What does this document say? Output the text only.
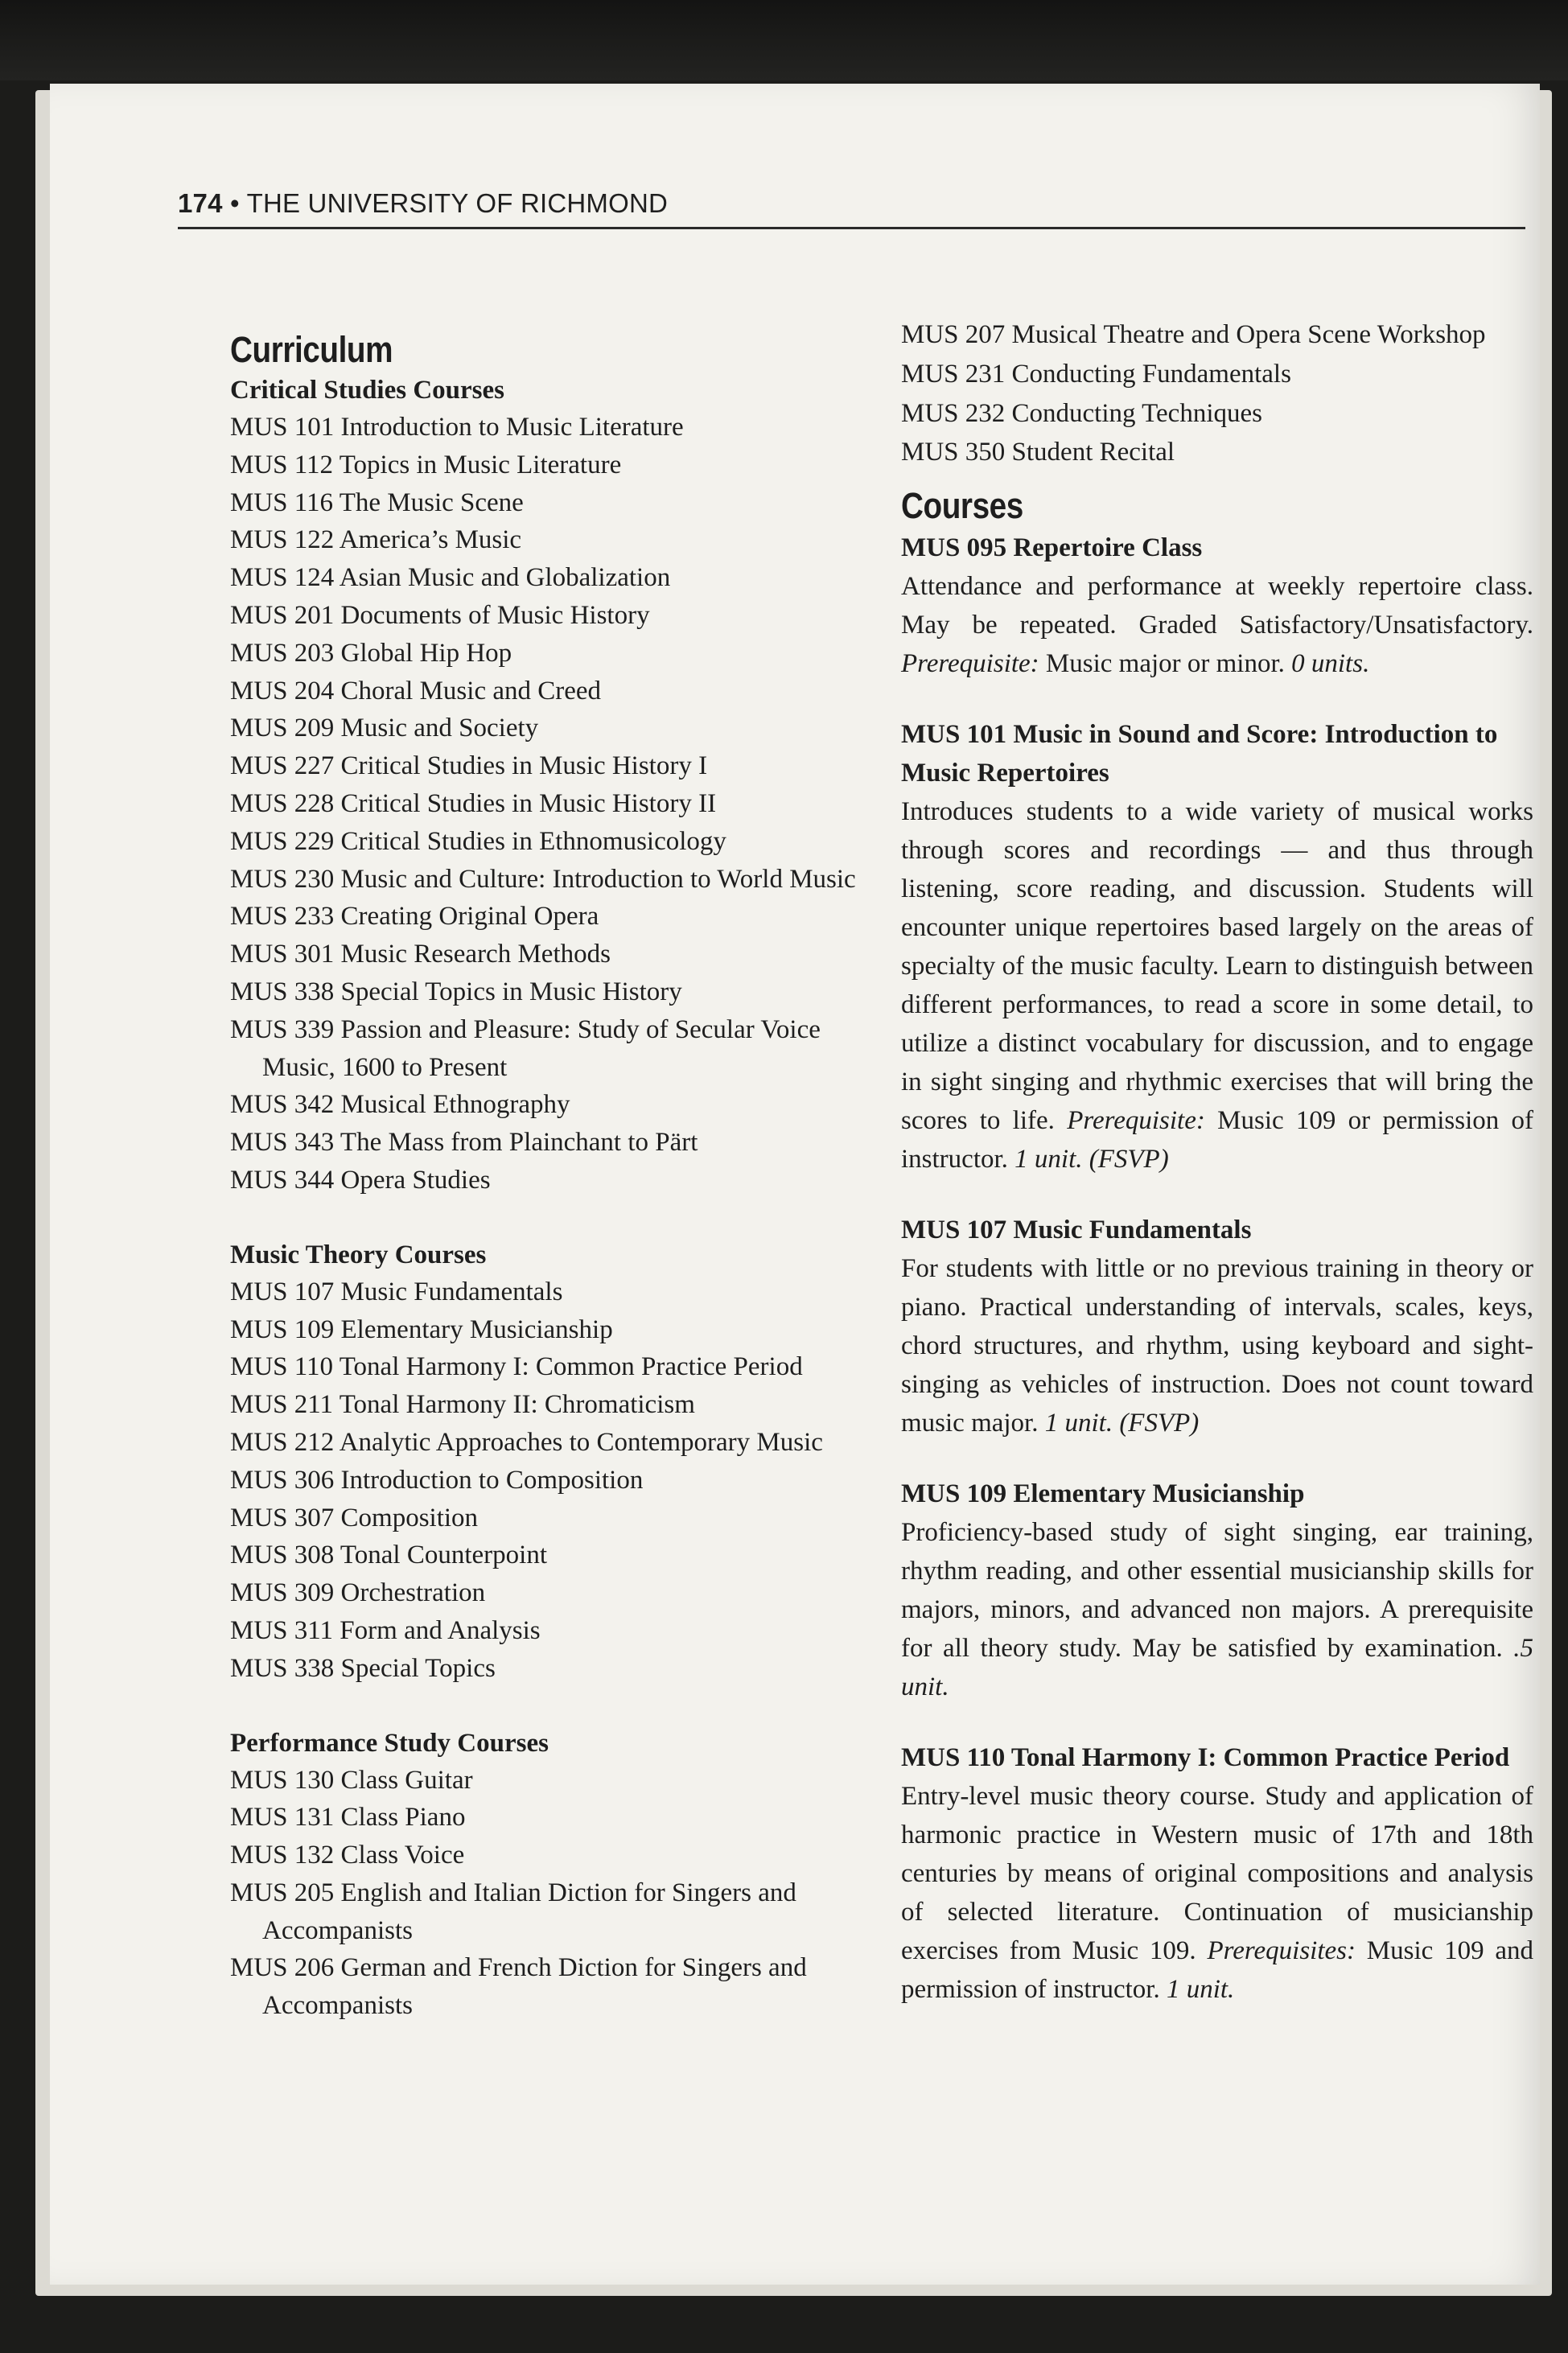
174 • THE UNIVERSITY OF RICHMOND
Curriculum
Critical Studies Courses
MUS 101 Introduction to Music Literature
MUS 112 Topics in Music Literature
MUS 116 The Music Scene
MUS 122 America’s Music
MUS 124 Asian Music and Globalization
MUS 201 Documents of Music History
MUS 203 Global Hip Hop
MUS 204 Choral Music and Creed
MUS 209 Music and Society
MUS 227 Critical Studies in Music History I
MUS 228 Critical Studies in Music History II
MUS 229 Critical Studies in Ethnomusicology
MUS 230 Music and Culture: Introduction to World Music
MUS 233 Creating Original Opera
MUS 301 Music Research Methods
MUS 338 Special Topics in Music History
MUS 339 Passion and Pleasure: Study of Secular Voice Music, 1600 to Present
MUS 342 Musical Ethnography
MUS 343 The Mass from Plainchant to Pärt
MUS 344 Opera Studies
Music Theory Courses
MUS 107 Music Fundamentals
MUS 109 Elementary Musicianship
MUS 110 Tonal Harmony I: Common Practice Period
MUS 211 Tonal Harmony II: Chromaticism
MUS 212 Analytic Approaches to Contemporary Music
MUS 306 Introduction to Composition
MUS 307 Composition
MUS 308 Tonal Counterpoint
MUS 309 Orchestration
MUS 311 Form and Analysis
MUS 338 Special Topics
Performance Study Courses
MUS 130 Class Guitar
MUS 131 Class Piano
MUS 132 Class Voice
MUS 205 English and Italian Diction for Singers and Accompanists
MUS 206 German and French Diction for Singers and Accompanists
MUS 207 Musical Theatre and Opera Scene Workshop
MUS 231 Conducting Fundamentals
MUS 232 Conducting Techniques
MUS 350 Student Recital
Courses

MUS 095 Repertoire Class

Attendance and performance at weekly repertoire class. May be repeated. Graded Satisfactory/Unsatisfactory. Prerequisite: Music major or minor. 0 units.

MUS 101 Music in Sound and Score: Introduction to Music Repertoires

Introduces students to a wide variety of musical works through scores and recordings — and thus through listening, score reading, and discussion. Students will encounter unique repertoires based largely on the areas of specialty of the music faculty. Learn to distinguish between different performances, to read a score in some detail, to utilize a distinct vocabulary for discussion, and to engage in sight singing and rhythmic exercises that will bring the scores to life. Prerequisite: Music 109 or permission of instructor. 1 unit. (FSVP)

MUS 107 Music Fundamentals

For students with little or no previous training in theory or piano. Practical understanding of intervals, scales, keys, chord structures, and rhythm, using keyboard and sight-singing as vehicles of instruction. Does not count toward music major. 1 unit. (FSVP)

MUS 109 Elementary Musicianship

Proficiency-based study of sight singing, ear training, rhythm reading, and other essential musicianship skills for majors, minors, and advanced non majors. A prerequisite for all theory study. May be satisfied by examination. .5 unit.

MUS 110 Tonal Harmony I: Common Practice Period

Entry-level music theory course. Study and application of harmonic practice in Western music of 17th and 18th centuries by means of original compositions and analysis of selected literature. Continuation of musicianship exercises from Music 109. Prerequisites: Music 109 and permission of instructor. 1 unit.
